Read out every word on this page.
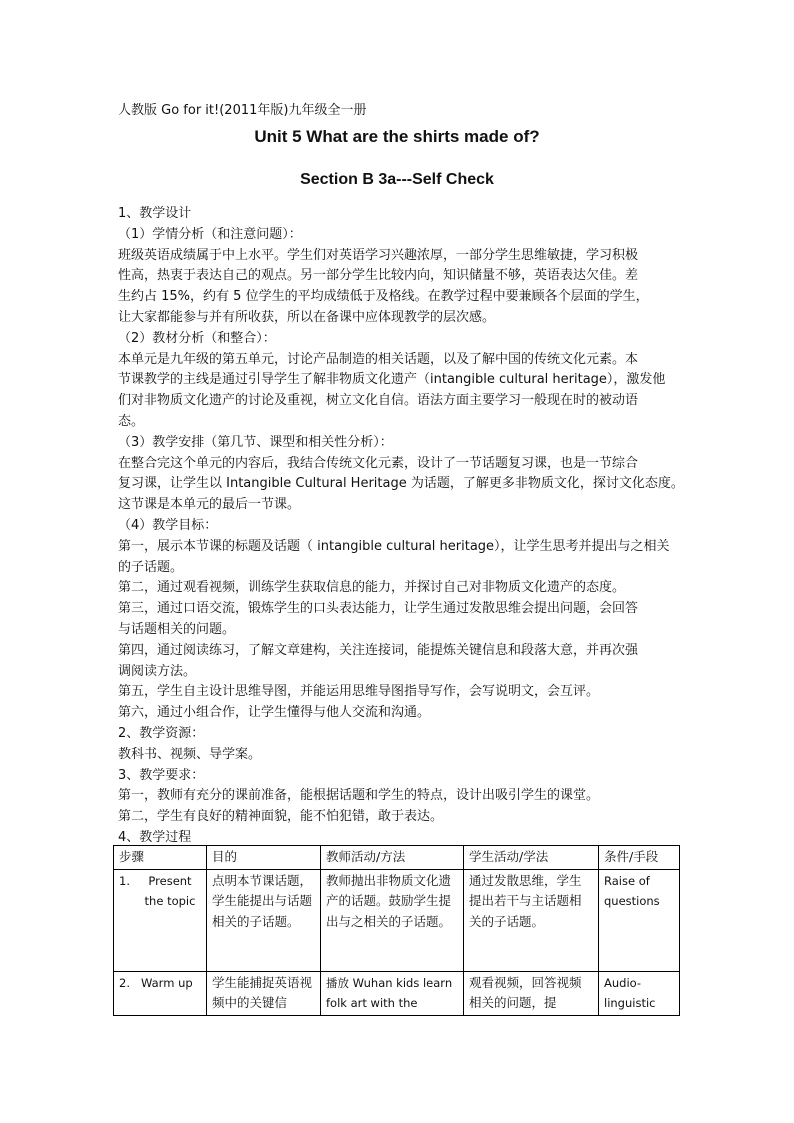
人教版 Go for it!(2011年版)九年级全一册
Unit 5 What are the shirts made of?
Section B 3a---Self Check

1、教学设计

（1）学情分析（和注意问题）：

班级英语成绩属于中上水平。学生们对英语学习兴趣浓厚，一部分学生思维敏捷，学习积极

性高，热衷于表达自己的观点。另一部分学生比较内向，知识储量不够，英语表达欠佳。差

生约占 15%，约有 5 位学生的平均成绩低于及格线。在教学过程中要兼顾各个层面的学生，

让大家都能参与并有所收获，所以在备课中应体现教学的层次感。

（2）教材分析（和整合）：

本单元是九年级的第五单元，讨论产品制造的相关话题，以及了解中国的传统文化元素。本

节课教学的主线是通过引导学生了解非物质文化遗产（intangible cultural heritage），激发他

们对非物质文化遗产的讨论及重视，树立文化自信。语法方面主要学习一般现在时的被动语

态。

（3）教学安排（第几节、课型和相关性分析）：

在整合完这个单元的内容后，我结合传统文化元素，设计了一节话题复习课，也是一节综合

复习课，让学生以 Intangible Cultural Heritage 为话题，了解更多非物质文化，探讨文化态度。

这节课是本单元的最后一节课。

（4）教学目标：

第一，展示本节课的标题及话题（ intangible cultural heritage），让学生思考并提出与之相关

的子话题。

第二，通过观看视频，训练学生获取信息的能力，并探讨自己对非物质文化遗产的态度。

第三，通过口语交流，锻炼学生的口头表达能力，让学生通过发散思维会提出问题，会回答

与话题相关的问题。

第四，通过阅读练习，了解文章建构，关注连接词，能提炼关键信息和段落大意，并再次强

调阅读方法。

第五，学生自主设计思维导图，并能运用思维导图指导写作，会写说明文，会互评。

第六，通过小组合作，让学生懂得与他人交流和沟通。

2、教学资源：

教科书、视频、导学案。

3、教学要求：

第一，教师有充分的课前准备，能根据话题和学生的特点，设计出吸引学生的课堂。

第二，学生有良好的精神面貌，能不怕犯错，敢于表达。

4、教学过程

步骤	目的	教师活动/方法	学生活动/学法	条件/手段
1. Present the topic	点明本节课话题，学生能提出与话题相关的子话题。	教师抛出非物质文化遗产的话题。鼓励学生提出与之相关的子话题。	通过发散思维，学生提出若干与主话题相关的子话题。	Raise of questions
2. Warm up	学生能捕捉英语视频中的关键信	播放 Wuhan kids learn folk art with the	观看视频，回答视频相关的问题，提	Audio-linguistic
